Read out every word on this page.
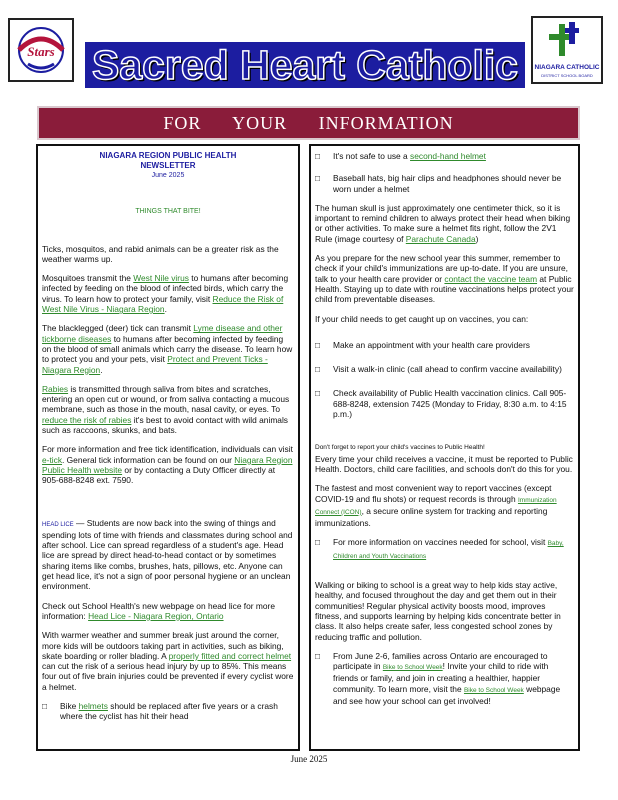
Stars Sacred Heart Catholic	NIAGARA CATHOLIC
DISTRICT SCHOOL BOARD
FOR YOUR INFORMATION

NIAGARA REGION PUBLIC HEALTH

NEWSLETTER

June 2025

THINGS THAT BITE!

Ticks, mosquitos, and rabid animals can be a greater risk as the weather warms up.

Mosquitoes transmit the West Nile virus to humans after becoming infected by feeding on the blood of infected birds, which carry the virus. To learn how to protect your family, visit Reduce the Risk of West Nile Virus - Niagara Region.

The blacklegged (deer) tick can transmit Lyme disease and other tickborne diseases to humans after becoming infected by feeding on the blood of small animals which carry the disease. To learn how to protect you and your pets, visit Protect and Prevent Ticks - Niagara Region.

Rabies is transmitted through saliva from bites and scratches, entering an open cut or wound, or from saliva contacting a mucous membrane, such as those in the mouth, nasal cavity, or eyes. To reduce the risk of rabies it's best to avoid contact with wild animals such as raccoons, skunks, and bats.

For more information and free tick identification, individuals can visit e-tick. General tick information can be found on our Niagara Region Public Health website or by contacting a Duty Officer directly at 905-688-8248 ext. 7590.

HEAD LICE — Students are now back into the swing of things and spending lots of time with friends and classmates during school and after school. Lice can spread regardless of a student's age. Head lice are spread by direct head-to-head contact or by sometimes sharing items like combs, brushes, hats, pillows, etc. Anyone can get head lice, it's not a sign of poor personal hygiene or an unclean environment.

Check out School Health's new webpage on head lice for more information: Head Lice - Niagara Region, Ontario

With warmer weather and summer break just around the corner, more kids will be outdoors taking part in activities, such as biking, skate boarding or roller blading. A properly fitted and correct helmet can cut the risk of a serious head injury by up to 85%. This means four out of five brain injuries could be prevented if every cyclist wore a helmet.

□	Bike helmets should be replaced after five years or a crash where the cyclist has hit their head
□	It's not safe to use a second-hand helmet
□	Baseball hats, big hair clips and headphones should never be worn under a helmet

The human skull is just approximately one centimeter thick, so it is important to remind children to always protect their head when biking or other activities. To make sure a helmet fits right, follow the 2V1 Rule (image courtesy of Parachute Canada)

As you prepare for the new school year this summer, remember to check if your child's immunizations are up-to-date. If you are unsure, talk to your health care provider or contact the vaccine team at Public Health. Staying up to date with routine vaccinations helps protect your child from preventable diseases.

If your child needs to get caught up on vaccines, you can:

□	Make an appointment with your health care providers
□	Visit a walk-in clinic (call ahead to confirm vaccine availability)
□	Check availability of Public Health vaccination clinics. Call 905-688-8248, extension 7425 (Monday to Friday, 8:30 a.m. to 4:15 p.m.)

Don't forget to report your child's vaccines to Public Health!
Every time your child receives a vaccine, it must be reported to Public Health. Doctors, child care facilities, and schools don't do this for you.

The fastest and most convenient way to report vaccines (except COVID-19 and flu shots) or request records is through Immunization Connect (ICON), a secure online system for tracking and reporting immunizations.

□	For more information on vaccines needed for school, visit Baby, Children and Youth Vaccinations

Walking or biking to school is a great way to help kids stay active, healthy, and focused throughout the day and get them out in their communities! Regular physical activity boosts mood, improves fitness, and supports learning by helping kids concentrate better in class. It also helps create safer, less congested school zones by reducing traffic and pollution.

□	From June 2-6, families across Ontario are encouraged to participate in Bike to School Week! Invite your child to ride with friends or family, and join in creating a healthier, happier community. To learn more, visit the Bike to School Week webpage and see how your school can get involved!
June 2025
